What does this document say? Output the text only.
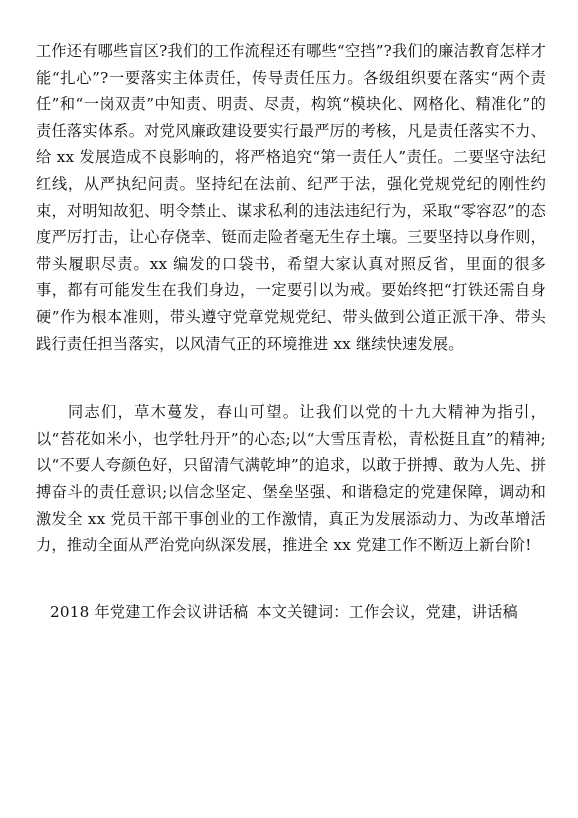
工作还有哪些盲区?我们的工作流程还有哪些“空挡”?我们的廉洁教育怎样才能“扎心”?一要落实主体责任，传导责任压力。各级组织要在落实“两个责任”和“一岗双责”中知责、明责、尽责，构筑“模块化、网格化、精准化”的责任落实体系。对党风廉政建设要实行最严厉的考核，凡是责任落实不力、给 xx 发展造成不良影响的，将严格追究“第一责任人”责任。二要坚守法纪红线，从严执纪问责。坚持纪在法前、纪严于法，强化党规党纪的刚性约束，对明知故犯、明令禁止、谋求私利的违法违纪行为，采取“零容忍”的态度严厉打击，让心存侥幸、铤而走险者毫无生存土壤。三要坚持以身作则，带头履职尽责。xx 编发的口袋书，希望大家认真对照反省，里面的很多事，都有可能发生在我们身边，一定要引以为戒。要始终把“打铁还需自身硬”作为根本准则，带头遵守党章党规党纪、带头做到公道正派干净、带头践行责任担当落实，以风清气正的环境推进 xx 继续快速发展。

同志们，草木蔓发，春山可望。让我们以党的十九大精神为指引，以“苔花如米小，也学牡丹开”的心态;以“大雪压青松，青松挺且直”的精神;以“不要人夸颜色好，只留清气满乾坤”的追求，以敢于拼搏、敢为人先、拼搏奋斗的责任意识;以信念坚定、堡垒坚强、和谐稳定的党建保障，调动和激发全 xx 党员干部干事创业的工作激情，真正为发展添动力、为改革增活力，推动全面从严治党向纵深发展，推进全 xx 党建工作不断迈上新台阶!

2018 年党建工作会议讲话稿 本文关键词：工作会议，党建，讲话稿
